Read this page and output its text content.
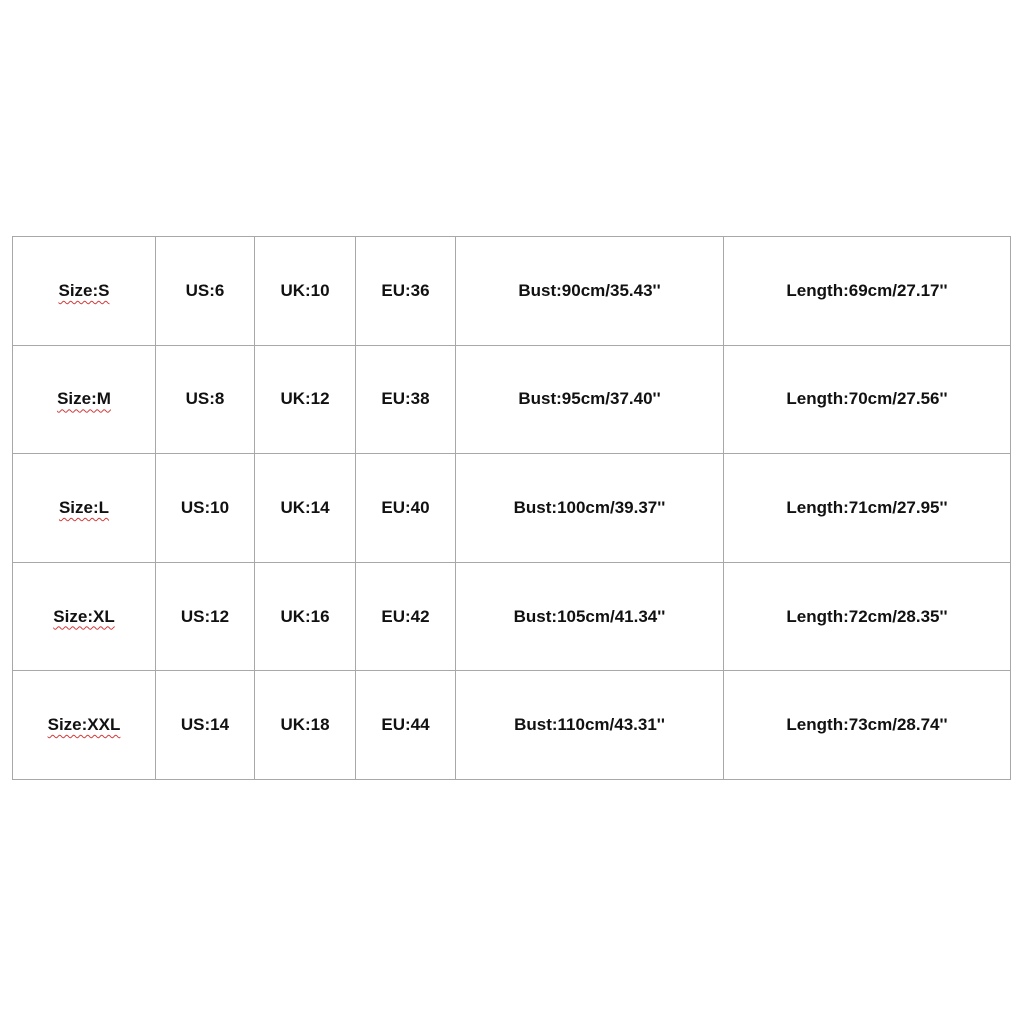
Size:S	US:6	UK:10	EU:36	Bust:90cm/35.43''	Length:69cm/27.17''
Size:M	US:8	UK:12	EU:38	Bust:95cm/37.40''	Length:70cm/27.56''
Size:L	US:10	UK:14	EU:40	Bust:100cm/39.37''	Length:71cm/27.95''
Size:XL	US:12	UK:16	EU:42	Bust:105cm/41.34''	Length:72cm/28.35''
Size:XXL	US:14	UK:18	EU:44	Bust:110cm/43.31''	Length:73cm/28.74''
